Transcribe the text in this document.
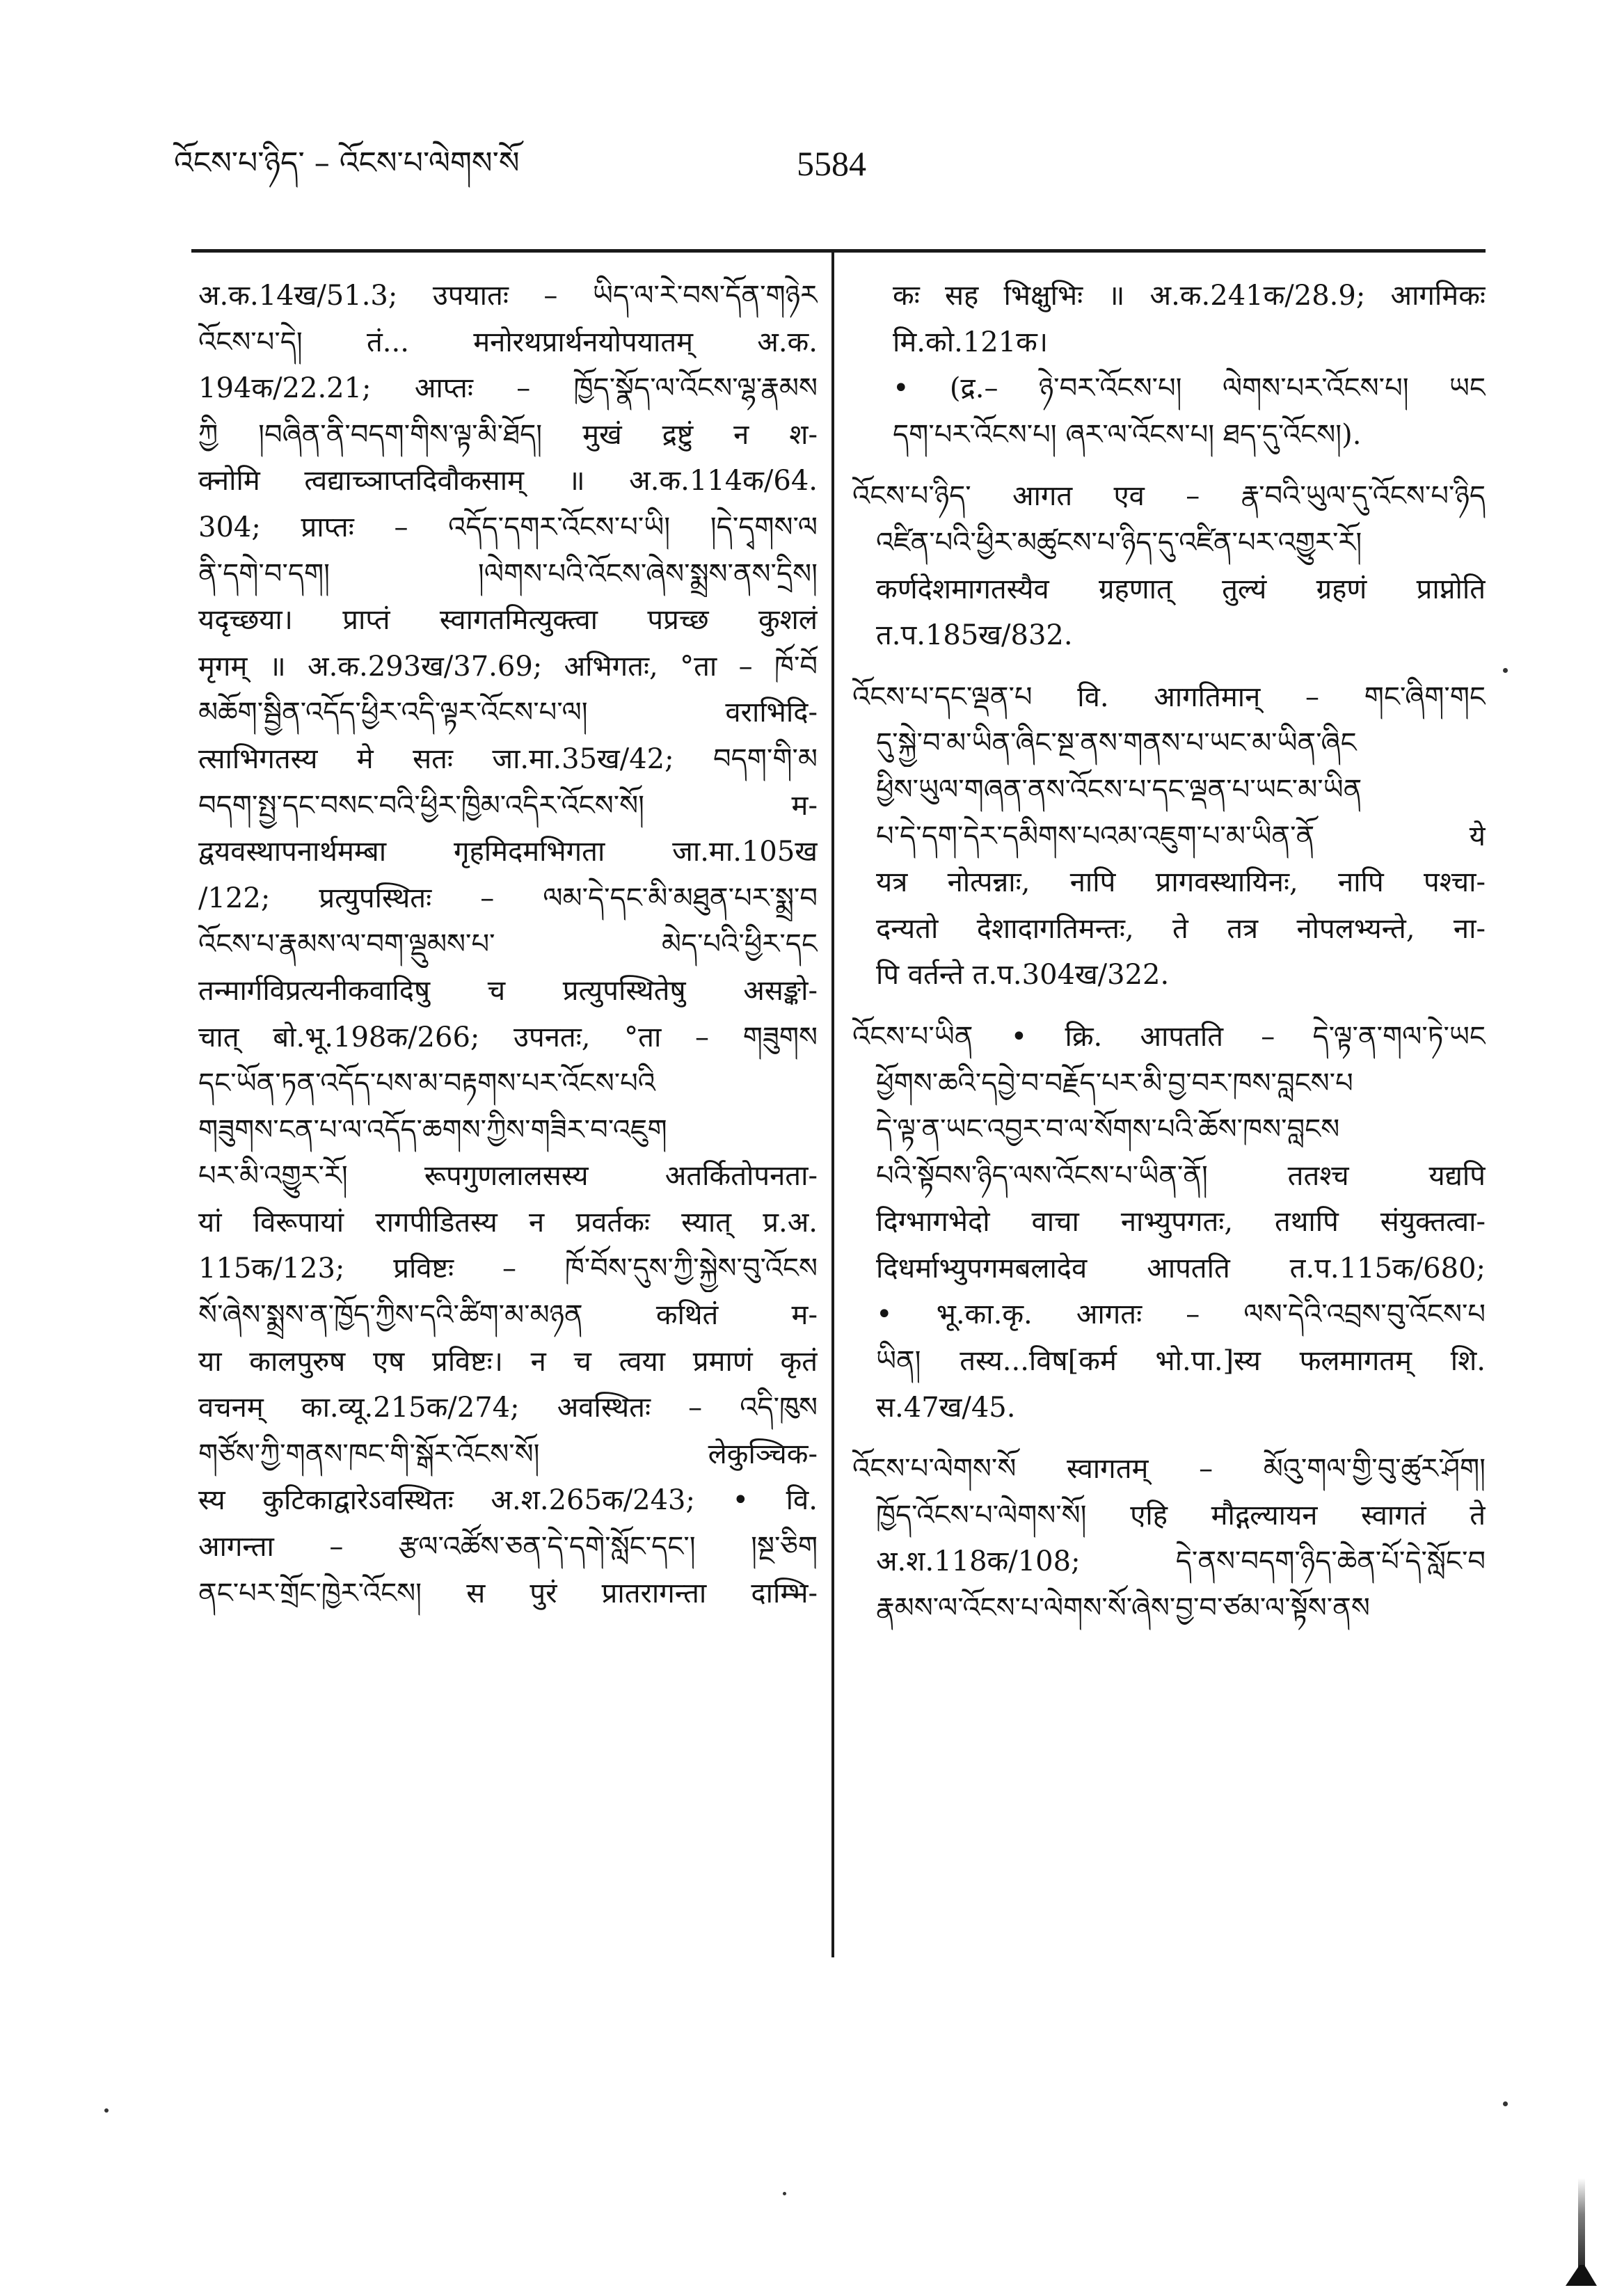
འོངས་པ་ཉིད་ – འོངས་པ་ལེགས་སོ	5584
अ.क.14ख/51.3; उपयातः – ཡིད་ལ་རེ་བས་དོན་གཉེར
འོངས་པ་དེ། तं... मनोरथप्रार्थनयोपयातम् अ.क.
194क/22.21; आप्तः – ཁྱོད་སྣོད་ལ་འོངས་ལྷ་རྣམས
ཀྱི །བཞིན་ནི་བདག་གིས་ལྟ་མི་ཐོད། मुखं द्रष्टुं न श-
क्नोमि त्वद्याच्ञाप्तदिवौकसाम् ॥ अ.क.114क/64.
304; प्राप्तः – འདོད་དགར་འོངས་པ་ཡི། །དེ་དྭགས་ལ
ནི་དགེ་བ་དག། །ལེགས་པའི་འོངས་ཞེས་སྨྲས་ནས་དྲིས།
यदृच्छया। प्राप्तं स्वागतमित्युक्त्वा पप्रच्छ कुशलं
मृगम् ॥ अ.क.293ख/37.69; अभिगतः, °ता – ཁོ་བོ
མཆོག་སྦྱིན་འདོད་ཕྱིར་འདི་ལྟར་འོངས་པ་ལ། वराभिदि-
त्साभिगतस्य मे सतः जा.मा.35ख/42; བདག་གི་མ
བདག་སྤྱ་དང་བསང་བའི་ཕྱིར་ཁྱིམ་འདིར་འོངས་སོ། म-
द्वयवस्थापनार्थमम्बा गृहमिदमभिगता जा.मा.105ख
/122; प्रत्युपस्थितः – ལམ་དེ་དང་མི་མཐུན་པར་སྨྲ་བ
འོངས་པ་རྣམས་ལ་བག་ལྡུམས་པ་ མེད་པའི་ཕྱིར་དང
तन्मार्गविप्रत्यनीकवादिषु च प्रत्युपस्थितेषु असङ्को-
चात् बो.भू.198क/266; उपनतः, °ता – གཟུགས
དང་ཡོན་ཏན་འདོད་པས་མ་བརྟགས་པར་འོངས་པའི
གཟུགས་ངན་པ་ལ་འདོད་ཆགས་ཀྱིས་གཟིར་བ་འཇུག
པར་མི་འགྱུར་རོ། रूपगुणलालसस्य अतर्कितोपनता-
यां विरूपायां रागपीडितस्य न प्रवर्तकः स्यात् प्र.अ.
115क/123; प्रविष्टः – ཁོ་བོས་དུས་ཀྱི་སྐྱེས་བུ་འོངས
སོ་ཞེས་སྨྲས་ན་ཁྱོད་ཀྱིས་དའི་ཚིག་མ་མཉན कथितं म-
या कालपुरुष एष प्रविष्टः। न च त्वया प्रमाणं कृतं
वचनम् का.व्यू.215क/274; अवस्थितः – འདི་ཁུས
གཙོས་ཀྱི་གནས་ཁང་གི་སྒོར་འོངས་སོ། लेकुञ्चिक-
स्य कुटिकाद्वारेऽवस्थितः अ.श.265क/243; • वि.
आगन्ता – རྩལ་འཚོས་ཅན་དེ་དགེ་སློང་དང་། །སྔ་ཅིག
ནང་པར་གྲོང་ཁྱེར་འོངས། स पुरं प्रातरागन्ता दाम्भि-
कः सह भिक्षुभिः ॥ अ.क.241क/28.9; आगमिकः
मि.को.121क।
• (द्र.– ཉེ་བར་འོངས་པ། ལེགས་པར་འོངས་པ། ཡང
དག་པར་འོངས་པ། ཞར་ལ་འོངས་པ། ཐད་དུ་འོངས།).
འོངས་པ་ཉིད་ आगत एव – རྣ་བའི་ཡུལ་དུ་འོངས་པ་ཉིད
འཛིན་པའི་ཕྱིར་མཚུངས་པ་ཉིད་དུ་འཛིན་པར་འགྱུར་རོ།
कर्णदेशमागतस्यैव ग्रहणात् तुल्यं ग्रहणं प्राप्नोति
त.प.185ख/832.
འོངས་པ་དང་ལྡན་པ वि. आगतिमान् – གང་ཞིག་གང
དུ་སྐྱེ་བ་མ་ཡིན་ཞིང་སྔ་ནས་གནས་པ་ཡང་མ་ཡིན་ཞིང
ཕྱིས་ཡུལ་གཞན་ནས་འོངས་པ་དང་ལྡན་པ་ཡང་མ་ཡིན
པ་དེ་དག་དེར་དམིགས་པའམ་འཇུག་པ་མ་ཡིན་ནོ ये
यत्र नोत्पन्नाः, नापि प्रागवस्थायिनः, नापि पश्चा-
दन्यतो देशादागतिमन्तः, ते तत्र नोपलभ्यन्ते, ना-
पि वर्तन्ते त.प.304ख/322.
འོངས་པ་ཡིན • क्रि. आपतति – དེ་ལྟ་ན་གལ་ཏེ་ཡང
ཕྱོགས་ཆའི་དབྱེ་བ་བརྗོད་པར་མི་བྱ་བར་ཁས་བླངས་པ
དེ་ལྟ་ན་ཡང་འབྱར་བ་ལ་སོགས་པའི་ཆོས་ཁས་བླངས
པའི་སྟོབས་ཉིད་ལས་འོངས་པ་ཡིན་ནོ། ततश्च यद्यपि
दिग्भागभेदो वाचा नाभ्युपगतः, तथापि संयुक्तत्वा-
दिधर्माभ्युपगमबलादेव आपतति त.प.115क/680;
• भू.का.कृ. आगतः – ལས་དེའི་འབྲས་བུ་འོངས་པ
ཡིན། तस्य...विष[कर्म भो.पा.]स्य फलमागतम् शि.
स.47ख/45.
འོངས་པ་ལེགས་སོ स्वागतम् – མོའུ་གལ་གྱི་བུ་ཚུར་ཤོག།
ཁྱོད་འོངས་པ་ལེགས་སོ། एहि मौद्गल्यायन स्वागतं ते
अ.श.118क/108; དེ་ནས་བདག་ཉིད་ཆེན་པོ་དེ་སློང་བ
རྣམས་ལ་འོངས་པ་ལེགས་སོ་ཞེས་བྱ་བ་ཙམ་ལ་སྟོས་ནས
